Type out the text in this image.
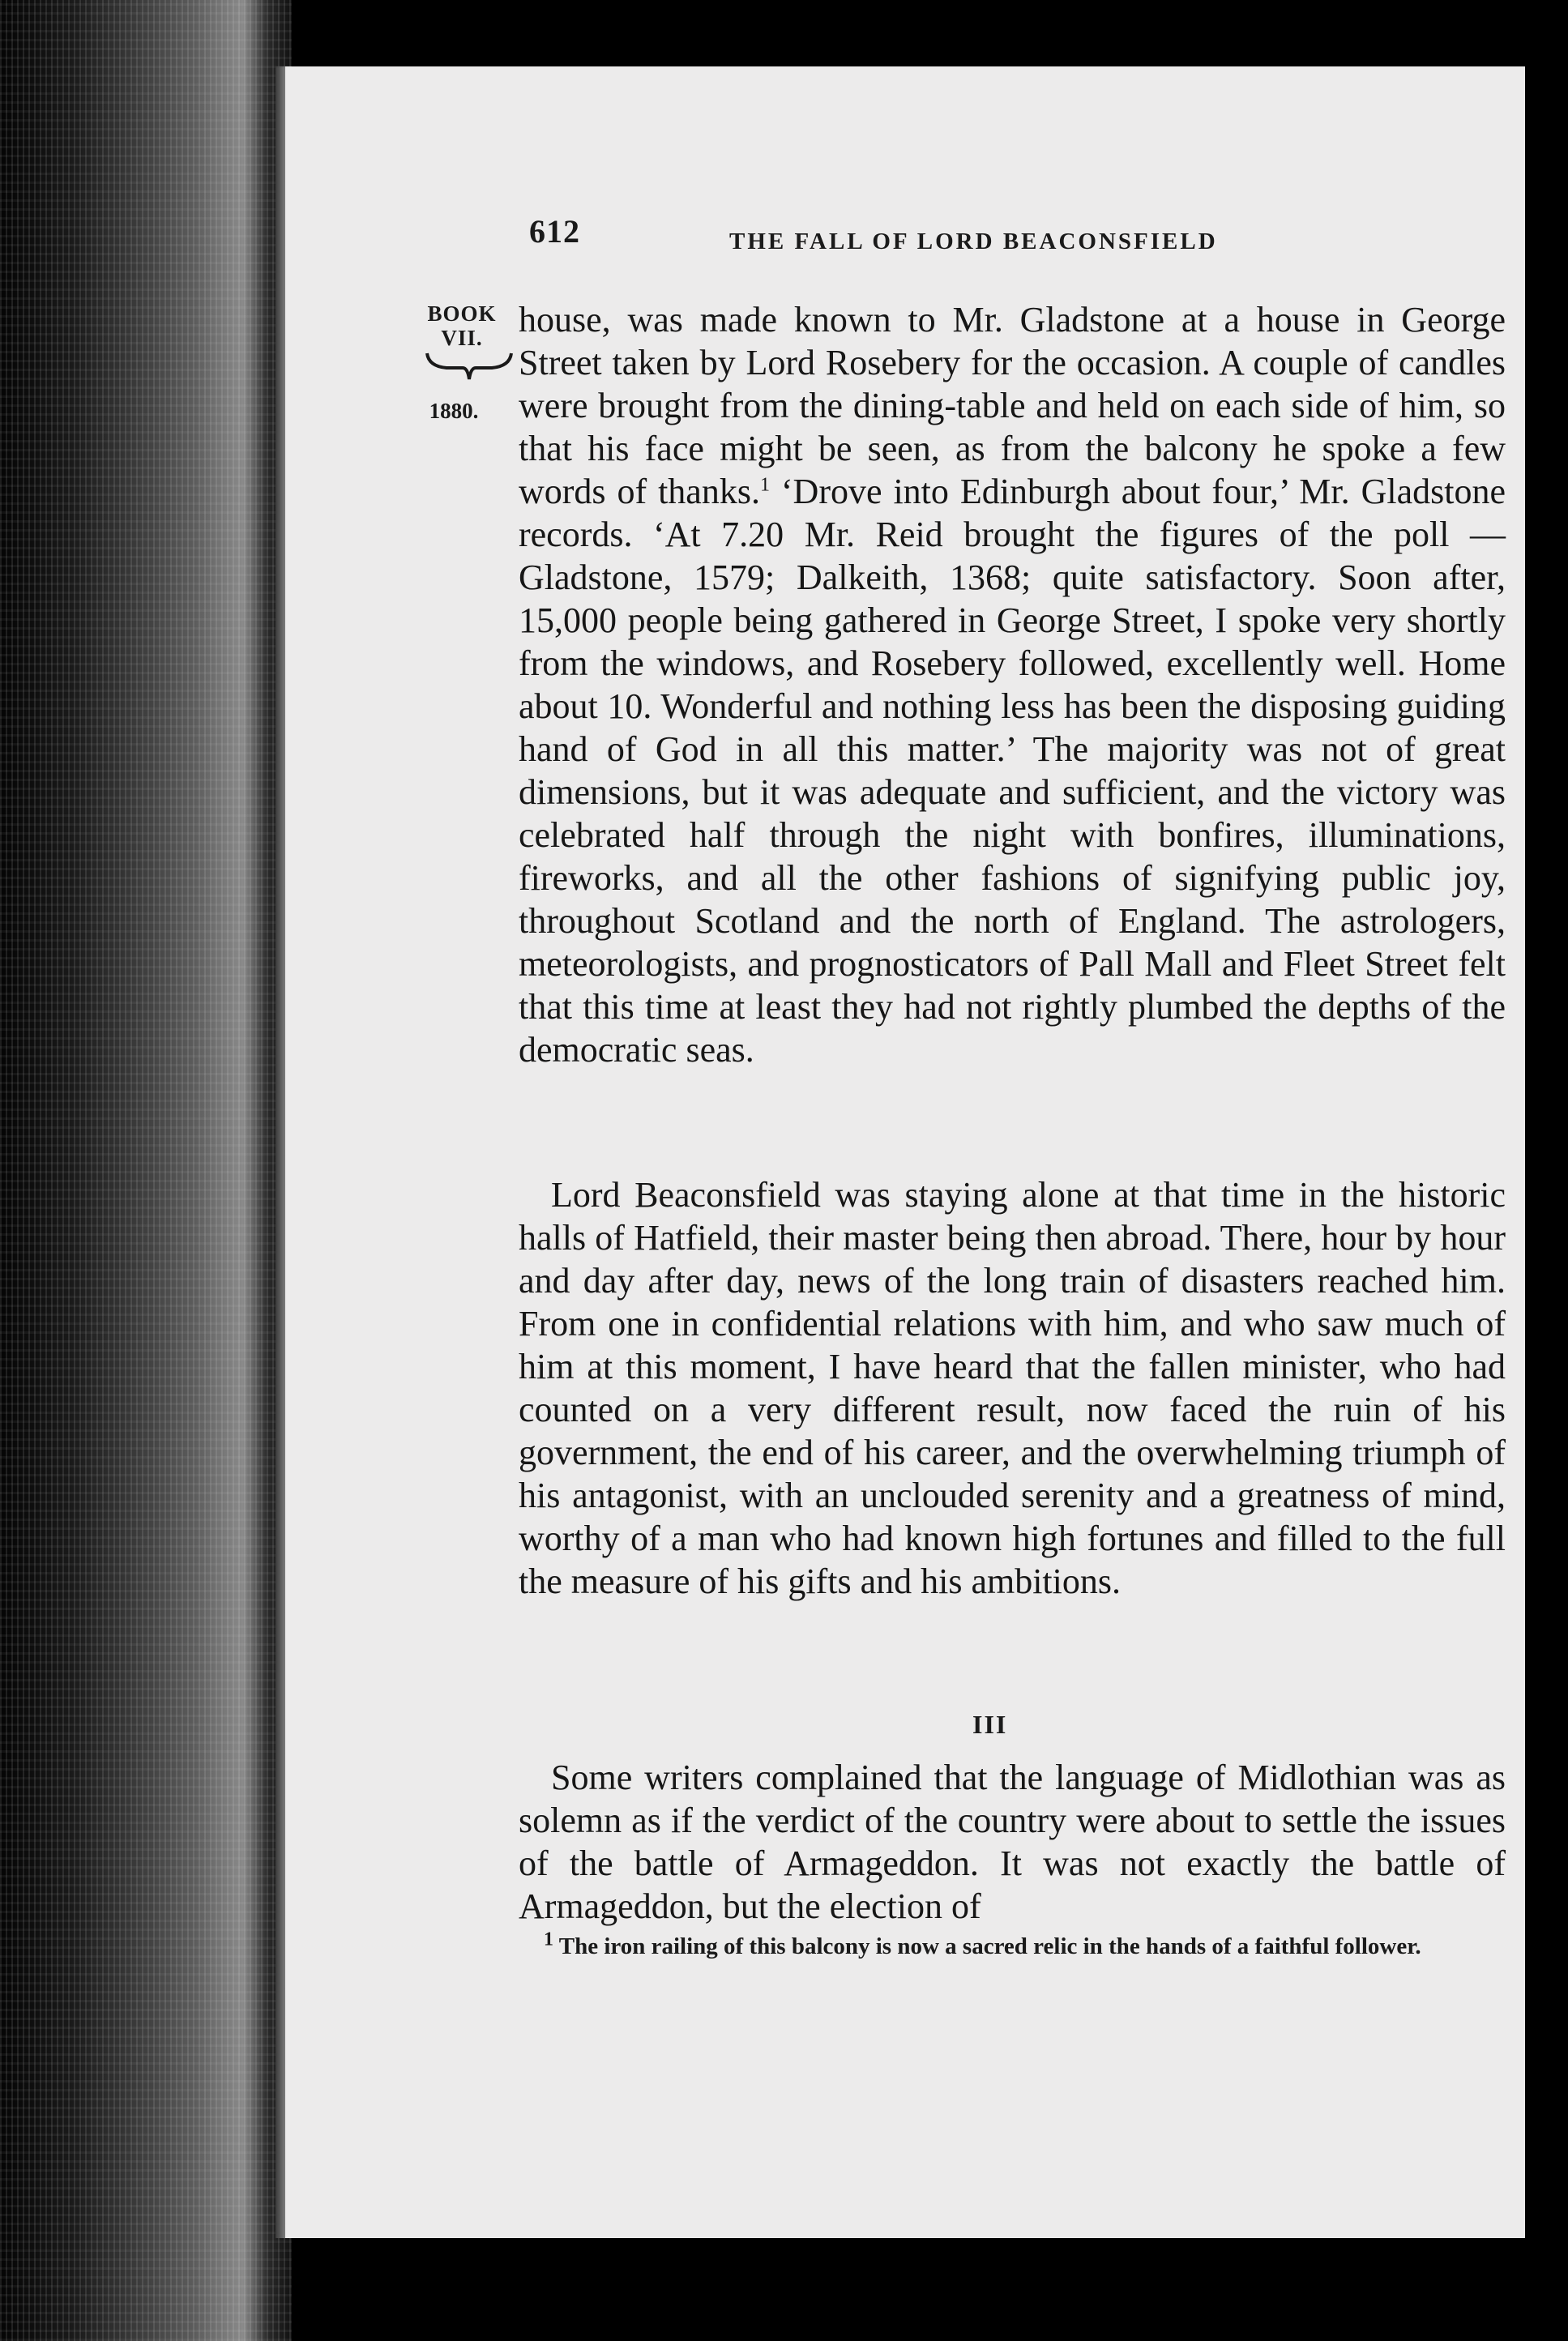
612	THE FALL OF LORD BEACONSFIELD
BOOK
VII.
1880.

house, was made known to Mr. Gladstone at a house in George Street taken by Lord Rosebery for the occasion. A couple of candles were brought from the dining-table and held on each side of him, so that his face might be seen, as from the balcony he spoke a few words of thanks.$^1$ ‘Drove into Edinburgh about four,’ Mr. Gladstone records. ‘At 7.20 Mr. Reid brought the figures of the poll — Gladstone, 1579; Dalkeith, 1368; quite satisfactory. Soon after, 15,000 people being gathered in George Street, I spoke very shortly from the windows, and Rosebery followed, excellently well. Home about 10. Wonderful and nothing less has been the disposing guiding hand of God in all this matter.’ The majority was not of great dimensions, but it was adequate and sufficient, and the victory was celebrated half through the night with bonfires, illuminations, fireworks, and all the other fashions of signifying public joy, throughout Scotland and the north of England. The astrologers, meteorologists, and prognosticators of Pall Mall and Fleet Street felt that this time at least they had not rightly plumbed the depths of the democratic seas.

Lord Beaconsfield was staying alone at that time in the historic halls of Hatfield, their master being then abroad. There, hour by hour and day after day, news of the long train of disasters reached him. From one in confidential relations with him, and who saw much of him at this moment, I have heard that the fallen minister, who had counted on a very different result, now faced the ruin of his government, the end of his career, and the overwhelming triumph of his antagonist, with an unclouded serenity and a greatness of mind, worthy of a man who had known high fortunes and filled to the full the measure of his gifts and his ambitions.

III

Some writers complained that the language of Midlothian was as solemn as if the verdict of the country were about to settle the issues of the battle of Armageddon. It was not exactly the battle of Armageddon, but the election of

$^1$ The iron railing of this balcony is now a sacred relic in the hands of a faithful follower.
